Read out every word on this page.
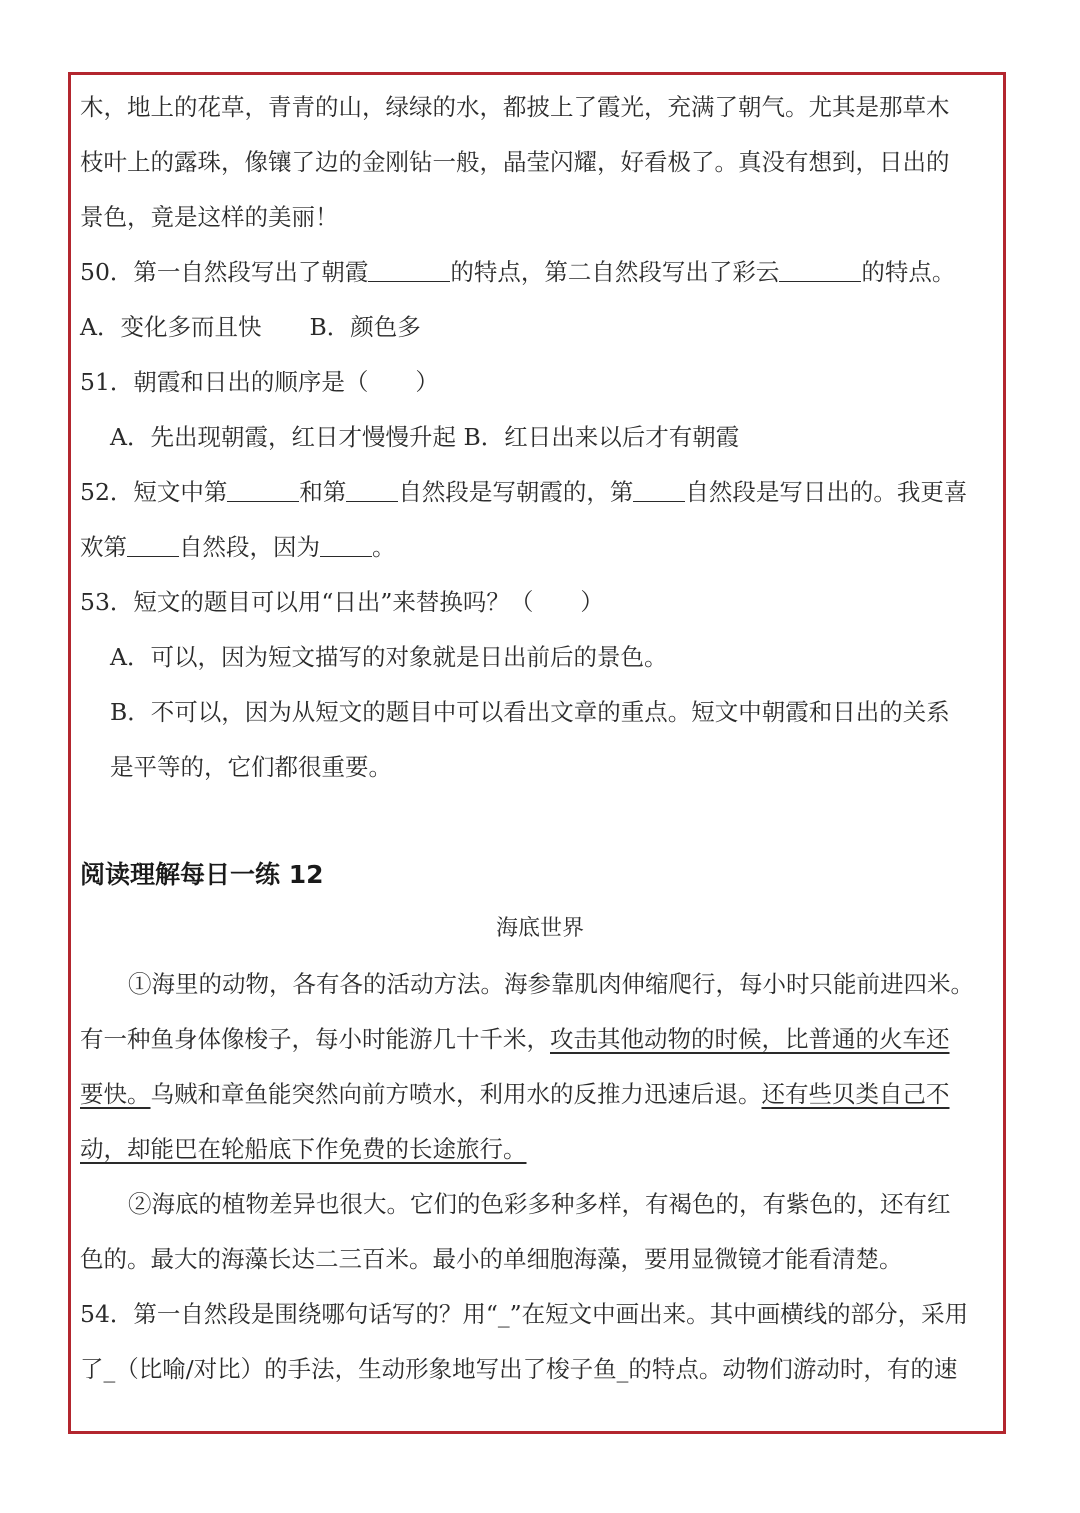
木，地上的花草，青青的山，绿绿的水，都披上了霞光，充满了朝气。尤其是那草木
枝叶上的露珠，像镶了边的金刚钻一般，晶莹闪耀，好看极了。真没有想到，日出的
景色，竟是这样的美丽！
50．第一自然段写出了朝霞	的特点，第二自然段写出了彩云	的特点。
A．变化多而且快 B．颜色多
51．朝霞和日出的顺序是（　　）
A．先出现朝霞，红日才慢慢升起 B．红日出来以后才有朝霞
52．短文中第	和第 自然段是写朝霞的，第 自然段是写日出的。我更喜
欢第 自然段，因为 。
53．短文的题目可以用“日出”来替换吗？（　　）
A．可以，因为短文描写的对象就是日出前后的景色。
B．不可以，因为从短文的题目中可以看出文章的重点。短文中朝霞和日出的关系
是平等的，它们都很重要。
阅读理解每日一练 12
海底世界
①海里的动物，各有各的活动方法。海参靠肌肉伸缩爬行，每小时只能前进四米。
有一种鱼身体像梭子，每小时能游几十千米，攻击其他动物的时候，比普通的火车还
要快。乌贼和章鱼能突然向前方喷水，利用水的反推力迅速后退。还有些贝类自己不
动，却能巴在轮船底下作免费的长途旅行。
②海底的植物差异也很大。它们的色彩多种多样，有褐色的，有紫色的，还有红
色的。最大的海藻长达二三百米。最小的单细胞海藻，要用显微镜才能看清楚。
54．第一自然段是围绕哪句话写的？用“_”在短文中画出来。其中画横线的部分，采用
了_（比喻/对比）的手法，生动形象地写出了梭子鱼_的特点。动物们游动时，有的速
